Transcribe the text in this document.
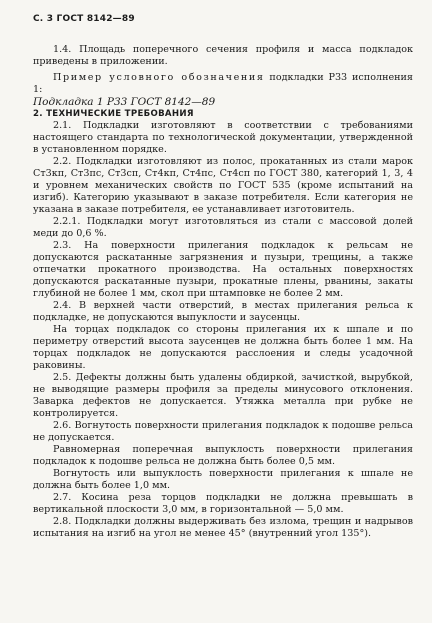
С. 3 ГОСТ 8142—89

1.4. Площадь поперечного сечения профиля и масса подкладок приведены в приложении.

Пример условного обозначения подкладки Р33 исполнения 1:

Подкладка 1 Р33 ГОСТ 8142—89

2. ТЕХНИЧЕСКИЕ ТРЕБОВАНИЯ

2.1. Подкладки изготовляют в соответствии с требованиями настоящего стандарта по технологической документации, утвержденной в установленном порядке.

2.2. Подкладки изготовляют из полос, прокатанных из стали марок Ст3кп, Ст3пс, Ст3сп, Ст4кп, Ст4пс, Ст4сп по ГОСТ 380, категорий 1, 3, 4 и уровнем механических свойств по ГОСТ 535 (кроме испытаний на изгиб). Категорию указывают в заказе потребителя. Если категория не указана в заказе потребителя, ее устанавливает изготовитель.

2.2.1. Подкладки могут изготовляться из стали с массовой долей меди до 0,6 %.

2.3. На поверхности прилегания подкладок к рельсам не допускаются раскатанные загрязнения и пузыри, трещины, а также отпечатки прокатного производства. На остальных поверхностях допускаются раскатанные пузыри, прокатные плены, рванины, закаты глубиной не более 1 мм, скол при штамповке не более 2 мм.

2.4. В верхней части отверстий, в местах прилегания рельса к подкладке, не допускаются выпуклости и заусенцы.

На торцах подкладок со стороны прилегания их к шпале и по периметру отверстий высота заусенцев не должна быть более 1 мм. На торцах подкладок не допускаются расслоения и следы усадочной раковины.

2.5. Дефекты должны быть удалены обдиркой, зачисткой, вырубкой, не выводящие размеры профиля за пределы минусового отклонения. Заварка дефектов не допускается. Утяжка металла при рубке не контролируется.

2.6. Вогнутость поверхности прилегания подкладок к подошве рельса не допускается.

Равномерная поперечная выпуклость поверхности прилегания подкладок к подошве рельса не должна быть более 0,5 мм.

Вогнутость или выпуклость поверхности прилегания к шпале не должна быть более 1,0 мм.

2.7. Косина реза торцов подкладки не должна превышать в вертикальной плоскости 3,0 мм, в горизонтальной — 5,0 мм.

2.8. Подкладки должны выдерживать без излома, трещин и надрывов испытания на изгиб на угол не менее 45° (внутренний угол 135°).
